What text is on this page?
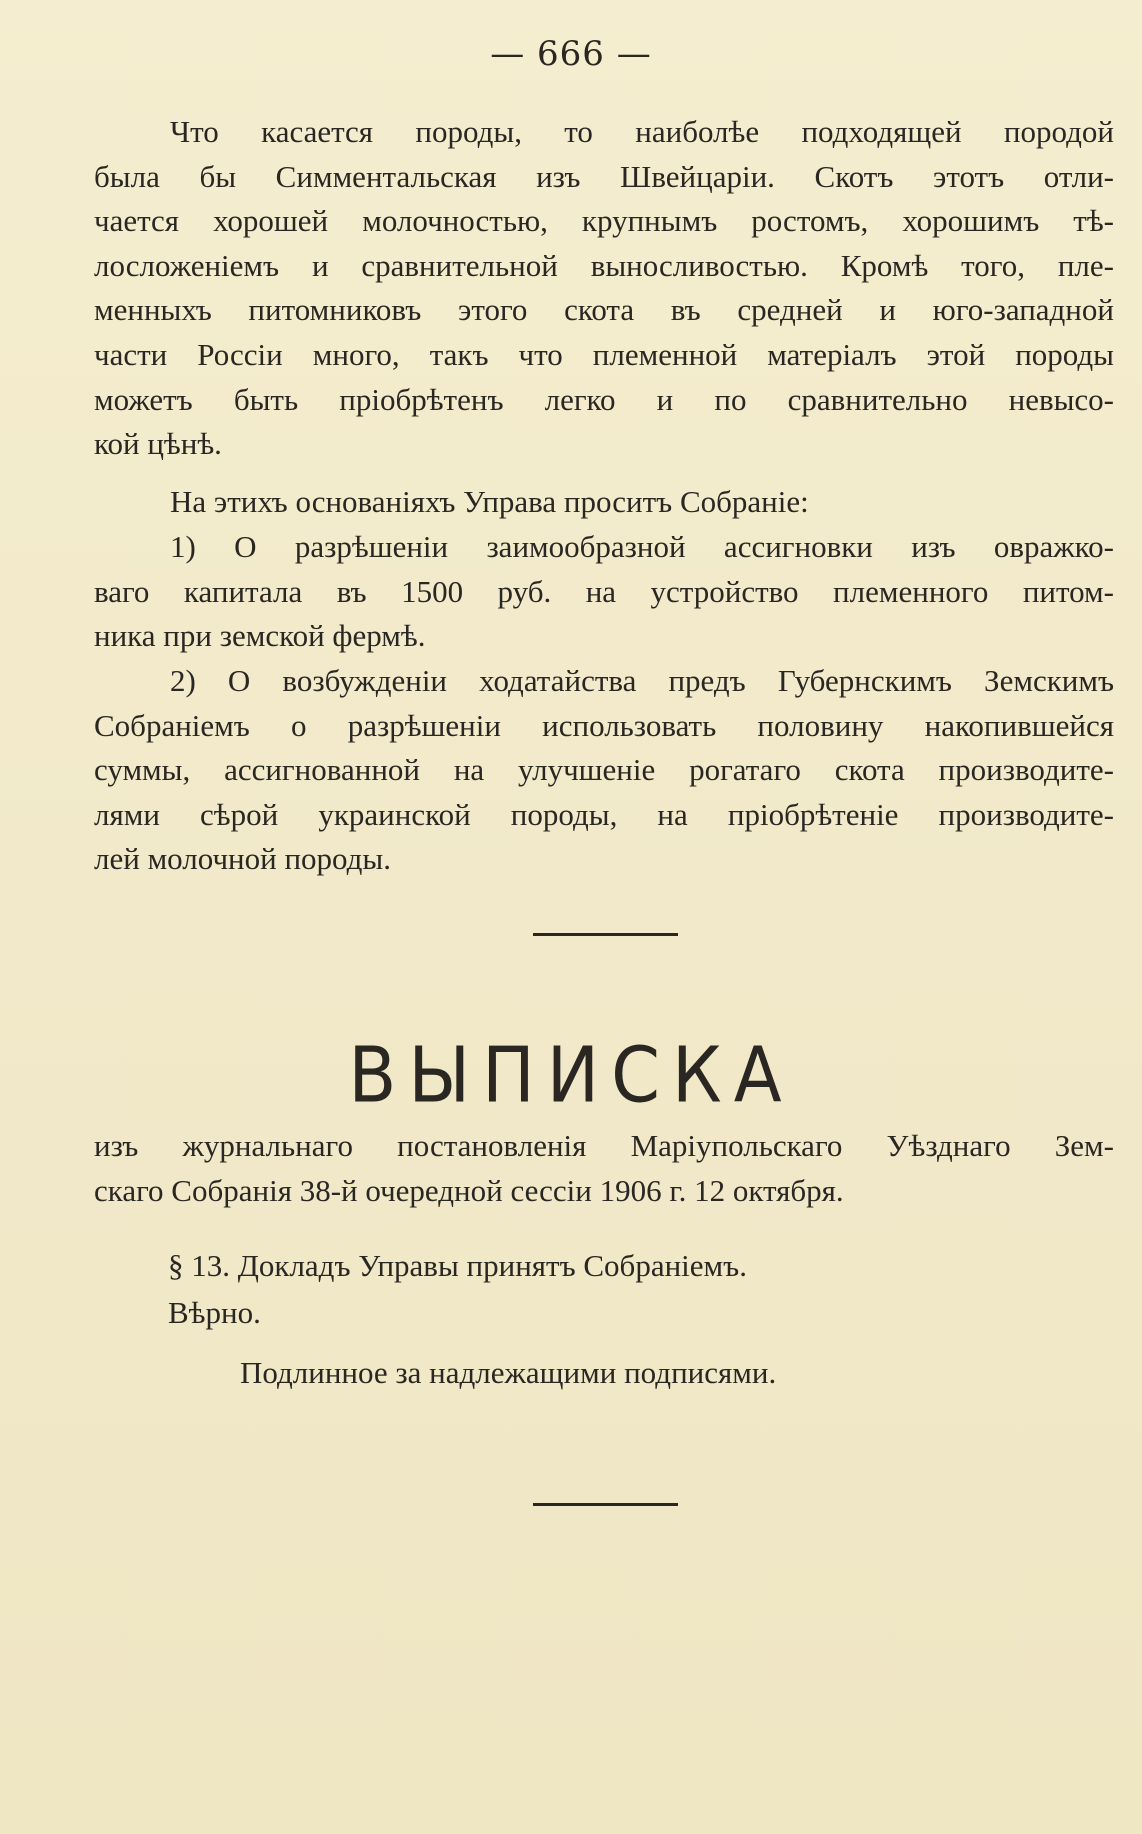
— 666 —
Что касается породы, то наиболѣе подходящей породой
была бы Симментальская изъ Швейцаріи. Скотъ этотъ отли-
чается хорошей молочностью, крупнымъ ростомъ, хорошимъ тѣ-
лосложеніемъ и сравнительной выносливостью. Кромѣ того, пле-
менныхъ питомниковъ этого скота въ средней и юго-западной
части Россіи много, такъ что племенной матеріалъ этой породы
можетъ быть пріобрѣтенъ легко и по сравнительно невысо-
кой цѣнѣ.
На этихъ основаніяхъ Управа проситъ Собраніе:
1) О разрѣшеніи заимообразной ассигновки изъ овражко-
ваго капитала въ 1500 руб. на устройство племенного питом-
ника при земской фермѣ.
2) О возбужденіи ходатайства предъ Губернскимъ Земскимъ
Собраніемъ о разрѣшеніи использовать половину накопившейся
суммы, ассигнованной на улучшеніе рогатаго скота производите-
лями сѣрой украинской породы, на пріобрѣтеніе производите-
лей молочной породы.
ВЫПИСКА
изъ журнальнаго постановленія Маріупольскаго Уѣзднаго Зем-
скаго Собранія 38-й очередной сессіи 1906 г. 12 октября.
§ 13. Докладъ Управы принятъ Собраніемъ.
Вѣрно.
Подлинное за надлежащими подписями.
